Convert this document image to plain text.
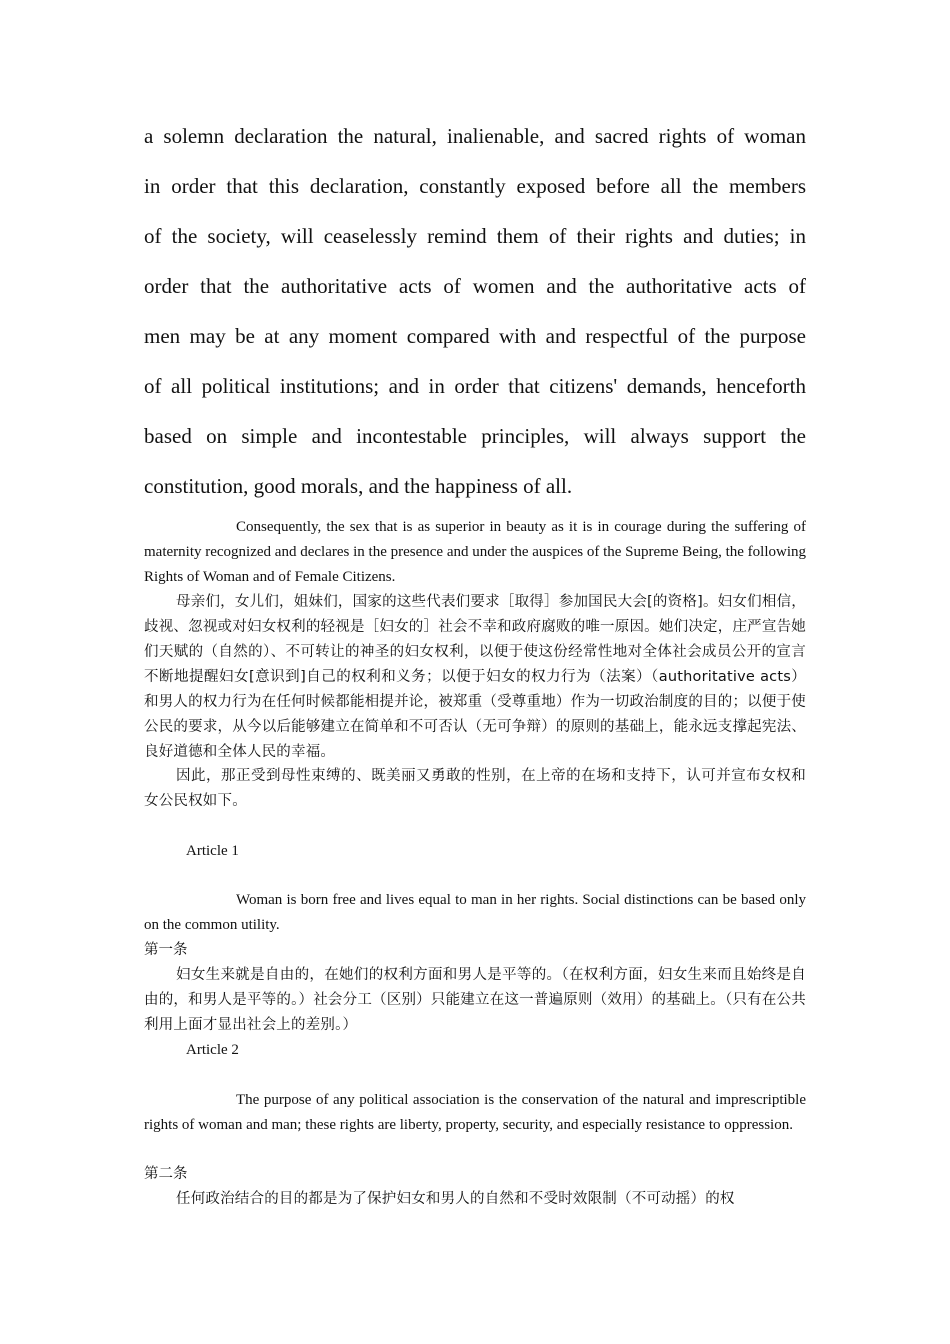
a solemn declaration the natural, inalienable, and sacred rights of woman
in order that this declaration, constantly exposed before all the members
of the society, will ceaselessly remind them of their rights and duties; in
order that the authoritative acts of women and the authoritative acts of
men may be at any moment compared with and respectful of the purpose
of all political institutions; and in order that citizens' demands, henceforth
based on simple and incontestable principles, will always support the
constitution, good morals, and the happiness of all.
Consequently, the sex that is as superior in beauty as it is in courage during the suffering of maternity recognized and declares in the presence and under the auspices of the Supreme Being, the following Rights of Woman and of Female Citizens.
母亲们，女儿们，姐妹们，国家的这些代表们要求［取得］参加国民大会[的资格]。妇女们相信，歧视、忽视或对妇女权利的轻视是［妇女的］社会不幸和政府腐败的唯一原因。她们决定，庄严宣告她们天赋的（自然的）、不可转让的神圣的妇女权利，以便于使这份经常性地对全体社会成员公开的宣言不断地提醒妇女[意识到]自己的权利和义务；以便于妇女的权力行为（法案）（authoritative acts）和男人的权力行为在任何时候都能相提并论，被郑重（受尊重地）作为一切政治制度的目的；以便于使公民的要求，从今以后能够建立在简单和不可否认（无可争辩）的原则的基础上，能永远支撑起宪法、良好道德和全体人民的幸福。
因此，那正受到母性束缚的、既美丽又勇敢的性别，在上帝的在场和支持下，认可并宣布女权和女公民权如下。
Article 1
Woman is born free and lives equal to man in her rights. Social distinctions can be based only on the common utility.
第一条
妇女生来就是自由的，在她们的权利方面和男人是平等的。（在权利方面，妇女生来而且始终是自由的，和男人是平等的。）社会分工（区别）只能建立在这一普遍原则（效用）的基础上。（只有在公共利用上面才显出社会上的差别。）
Article 2
The purpose of any political association is the conservation of the natural and imprescriptible rights of woman and man; these rights are liberty, property, security, and especially resistance to oppression.
第二条
任何政治结合的目的都是为了保护妇女和男人的自然和不受时效限制（不可动摇）的权
